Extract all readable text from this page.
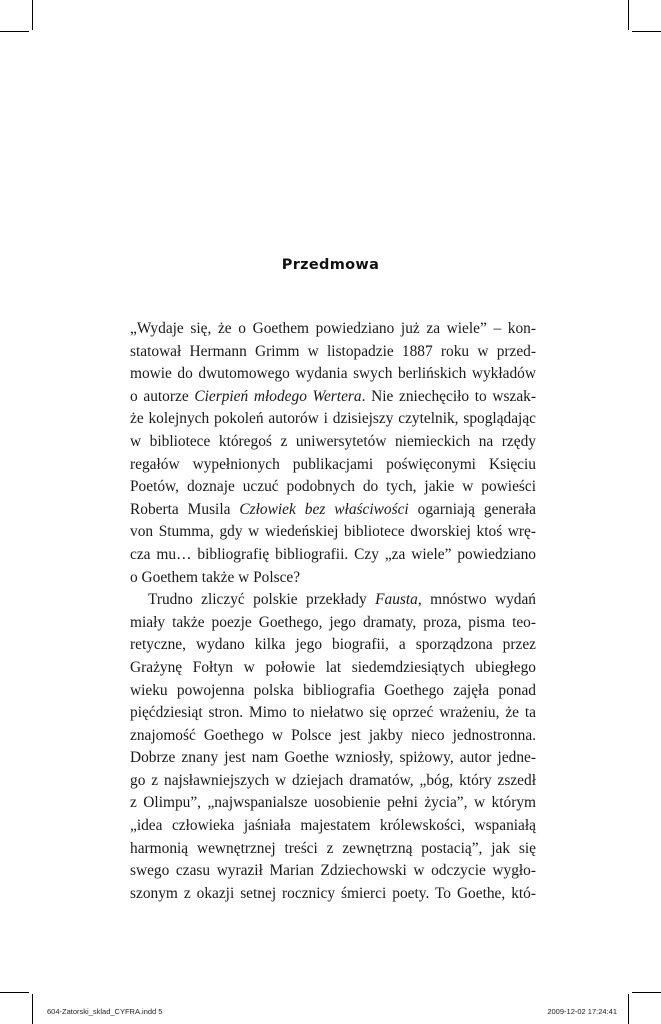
Przedmowa
„Wydaje się, że o Goethem powiedziano już za wiele” – kon-
statował Hermann Grimm w listopadzie 1887 roku w przed-
mowie do dwutomowego wydania swych berlińskich wykładów
o autorze Cierpień młodego Wertera. Nie zniechęciło to wszak-
że kolejnych pokoleń autorów i dzisiejszy czytelnik, spoglądając
w bibliotece któregoś z uniwersytetów niemieckich na rzędy
regałów wypełnionych publikacjami poświęconymi Księciu
Poetów, doznaje uczuć podobnych do tych, jakie w powieści
Roberta Musila Człowiek bez właściwości ogarniają generała
von Stumma, gdy w wiedeńskiej bibliotece dworskiej ktoś wrę-
cza mu… bibliografię bibliografii. Czy „za wiele” powiedziano
o Goethem także w Polsce?
Trudno zliczyć polskie przekłady Fausta, mnóstwo wydań
miały także poezje Goethego, jego dramaty, proza, pisma teo-
retyczne, wydano kilka jego biografii, a sporządzona przez
Grażynę Fołtyn w połowie lat siedemdziesiątych ubiegłego
wieku powojenna polska bibliografia Goethego zajęła ponad
pięćdziesiąt stron. Mimo to niełatwo się oprzeć wrażeniu, że ta
znajomość Goethego w Polsce jest jakby nieco jednostronna.
Dobrze znany jest nam Goethe wzniosły, spiżowy, autor jedne-
go z najsławniejszych w dziejach dramatów, „bóg, który zszedł
z Olimpu”, „najwspanialsze uosobienie pełni życia”, w którym
„idea człowieka jaśniała majestatem królewskości, wspaniałą
harmonią wewnętrznej treści z zewnętrzną postacią”, jak się
swego czasu wyraził Marian Zdziechowski w odczycie wygło-
szonym z okazji setnej rocznicy śmierci poety. To Goethe, któ-
604-Zatorski_sklad_CYFRA.indd 5	2009-12-02 17:24:41
